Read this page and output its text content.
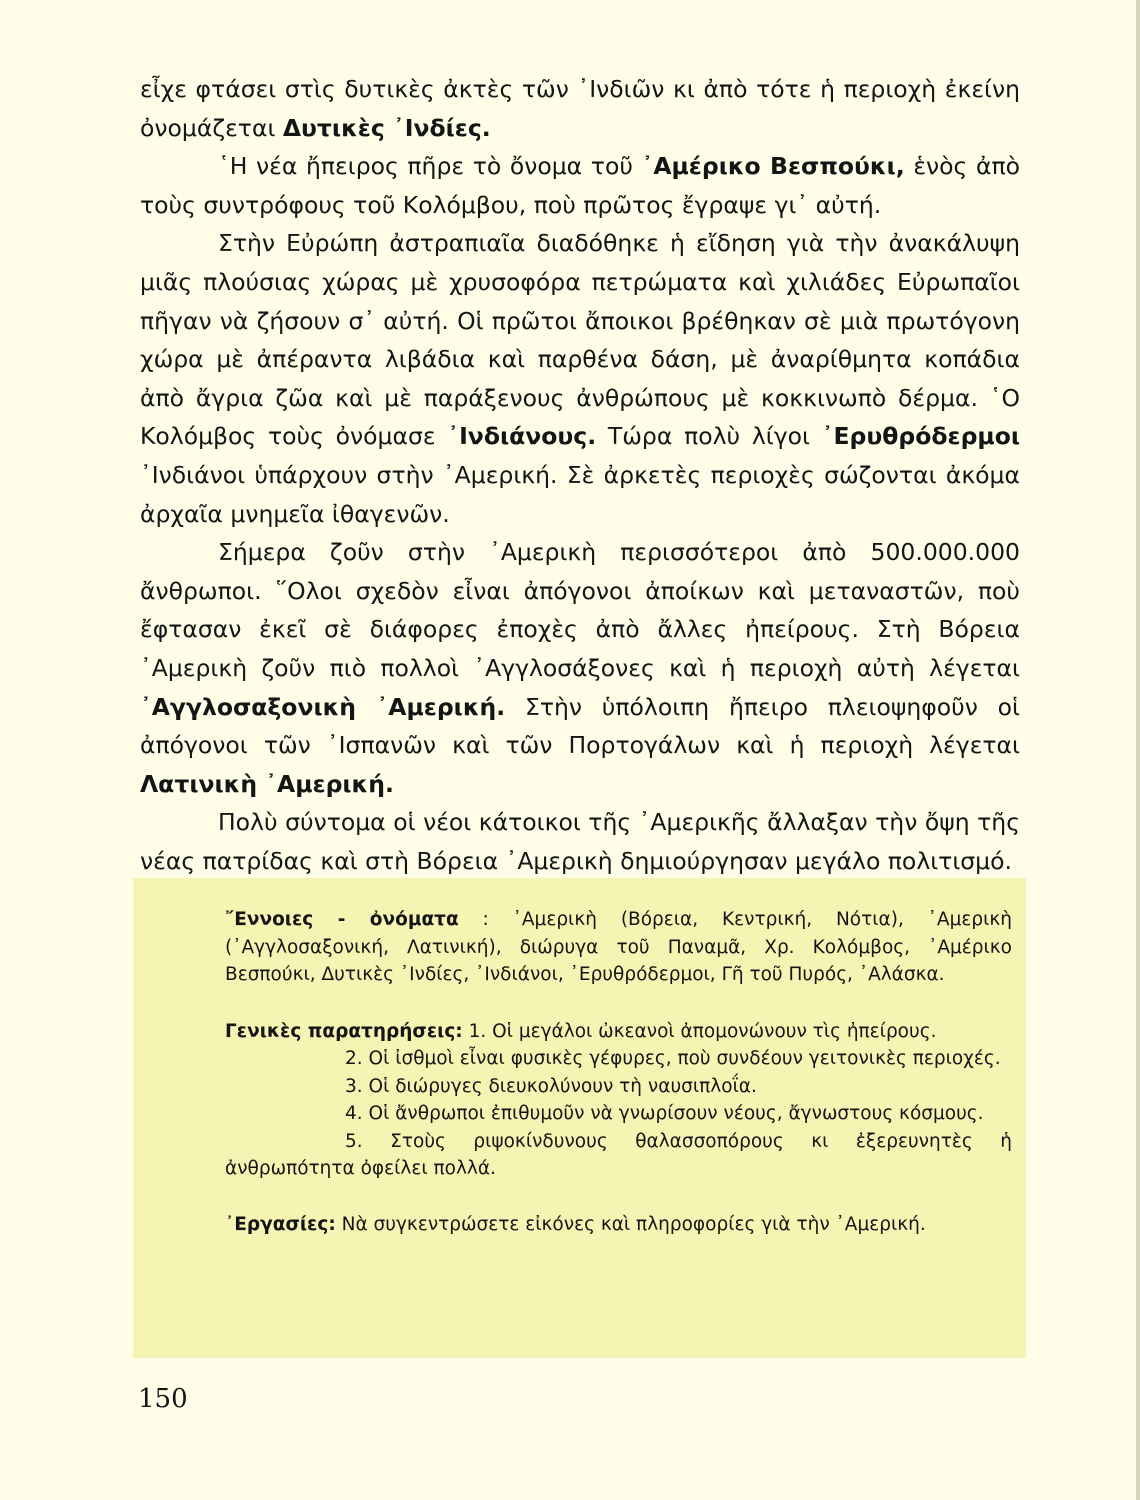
εἶχε φτάσει στὶς δυτικὲς ἀκτὲς τῶν ᾿Ινδιῶν κι ἀπὸ τότε ἡ περιοχὴ ἐκείνη ὀνομάζεται Δυτικὲς ᾿Ινδίες.

῾Η νέα ἤπειρος πῆρε τὸ ὄνομα τοῦ ᾿Αμέρικο Βεσπούκι, ἑνὸς ἀπὸ τοὺς συντρόφους τοῦ Κολόμβου, ποὺ πρῶτος ἔγραψε γι᾿ αὐτή.

Στὴν Εὐρώπη ἀστραπιαῖα διαδόθηκε ἡ εἴδηση γιὰ τὴν ἀνακάλυψη μιᾶς πλούσιας χώρας μὲ χρυσοφόρα πετρώματα καὶ χιλιάδες Εὐρωπαῖοι πῆγαν νὰ ζήσουν σ᾿ αὐτή. Οἱ πρῶτοι ἄποικοι βρέθηκαν σὲ μιὰ πρωτόγονη χώρα μὲ ἀπέραντα λιβάδια καὶ παρθένα δάση, μὲ ἀναρίθμητα κοπάδια ἀπὸ ἄγρια ζῶα καὶ μὲ παράξενους ἀνθρώπους μὲ κοκκινωπὸ δέρμα. ῾Ο Κολόμβος τοὺς ὀνόμασε ᾿Ινδιάνους. Τώρα πολὺ λίγοι ᾿Ερυθρόδερμοι ᾿Ινδιάνοι ὑπάρχουν στὴν ᾿Αμερική. Σὲ ἀρκετὲς περιοχὲς σώζονται ἀκόμα ἀρχαῖα μνημεῖα ἰθαγενῶν.

Σήμερα ζοῦν στὴν ᾿Αμερικὴ περισσότεροι ἀπὸ 500.000.000 ἄνθρωποι. ῞Ολοι σχεδὸν εἶναι ἀπόγονοι ἀποίκων καὶ μεταναστῶν, ποὺ ἔφτασαν ἐκεῖ σὲ διάφορες ἐποχὲς ἀπὸ ἄλλες ἠπείρους. Στὴ Βόρεια ᾿Αμερικὴ ζοῦν πιὸ πολλοὶ ᾿Αγγλοσάξονες καὶ ἡ περιοχὴ αὐτὴ λέγεται ᾿Αγγλοσαξονικὴ ᾿Αμερική. Στὴν ὑπόλοιπη ἤπειρο πλειοψηφοῦν οἱ ἀπόγονοι τῶν ᾿Ισπανῶν καὶ τῶν Πορτογάλων καὶ ἡ περιοχὴ λέγεται Λατινικὴ ᾿Αμερική.

Πολὺ σύντομα οἱ νέοι κάτοικοι τῆς ᾿Αμερικῆς ἄλλαξαν τὴν ὄψη τῆς νέας πατρίδας καὶ στὴ Βόρεια ᾿Αμερικὴ δημιούργησαν μεγάλο πολιτισμό.

῎Εννοιες - ὀνόματα : ᾿Αμερικὴ (Βόρεια, Κεντρική, Νότια), ᾿Αμερικὴ (᾿Αγγλοσαξονική, Λατινική), διώρυγα τοῦ Παναμᾶ, Χρ. Κολόμβος, ᾿Αμέρικο Βεσπούκι, Δυτικὲς ᾿Ινδίες, ᾿Ινδιάνοι, ᾿Ερυθρόδερμοι, Γῆ τοῦ Πυρός, ᾿Αλάσκα.

Γενικὲς παρατηρήσεις: 1. Οἱ μεγάλοι ὠκεανοὶ ἀπομονώνουν τὶς ἠπείρους.

2. Οἱ ἰσθμοὶ εἶναι φυσικὲς γέφυρες, ποὺ συνδέουν γειτονικὲς περιοχές.

3. Οἱ διώρυγες διευκολύνουν τὴ ναυσιπλοΐα.

4. Οἱ ἄνθρωποι ἐπιθυμοῦν νὰ γνωρίσουν νέους, ἄγνωστους κόσμους.

5. Στοὺς ριψοκίνδυνους θαλασσοπόρους κι ἐξερευνητὲς ἡ ἀνθρωπότητα ὀφείλει πολλά.

᾿Εργασίες: Νὰ συγκεντρώσετε εἰκόνες καὶ πληροφορίες γιὰ τὴν ᾿Αμερική.

150
